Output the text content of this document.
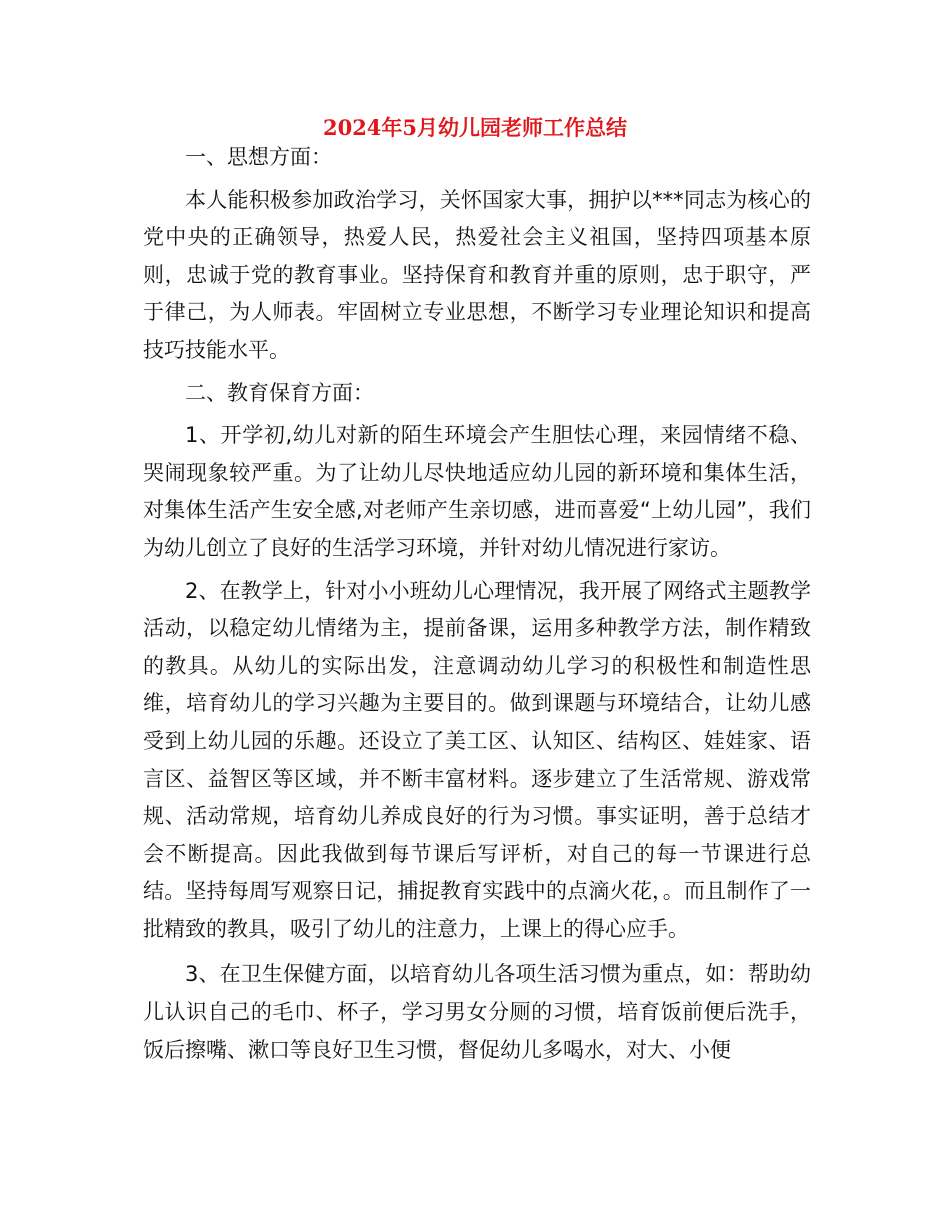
2024年5月幼儿园老师工作总结

一、思想方面：

本人能积极参加政治学习，关怀国家大事，拥护以***同志为核心的党中央的正确领导，热爱人民，热爱社会主义祖国，坚持四项基本原则，忠诚于党的教育事业。坚持保育和教育并重的原则，忠于职守，严于律己，为人师表。牢固树立专业思想，不断学习专业理论知识和提高技巧技能水平。

二、教育保育方面：

1、开学初,幼儿对新的陌生环境会产生胆怯心理，来园情绪不稳、哭闹现象较严重。为了让幼儿尽快地适应幼儿园的新环境和集体生活，对集体生活产生安全感,对老师产生亲切感，进而喜爱“上幼儿园”，我们为幼儿创立了良好的生活学习环境，并针对幼儿情况进行家访。

2、在教学上，针对小小班幼儿心理情况，我开展了网络式主题教学活动，以稳定幼儿情绪为主，提前备课，运用多种教学方法，制作精致的教具。从幼儿的实际出发，注意调动幼儿学习的积极性和制造性思维，培育幼儿的学习兴趣为主要目的。做到课题与环境结合，让幼儿感受到上幼儿园的乐趣。还设立了美工区、认知区、结构区、娃娃家、语言区、益智区等区域，并不断丰富材料。逐步建立了生活常规、游戏常规、活动常规，培育幼儿养成良好的行为习惯。事实证明，善于总结才会不断提高。因此我做到每节课后写评析，对自己的每一节课进行总结。坚持每周写观察日记，捕捉教育实践中的点滴火花，。而且制作了一批精致的教具，吸引了幼儿的注意力，上课上的得心应手。

3、在卫生保健方面，以培育幼儿各项生活习惯为重点，如：帮助幼儿认识自己的毛巾、杯子，学习男女分厕的习惯，培育饭前便后洗手，饭后擦嘴、漱口等良好卫生习惯，督促幼儿多喝水，对大、小便
